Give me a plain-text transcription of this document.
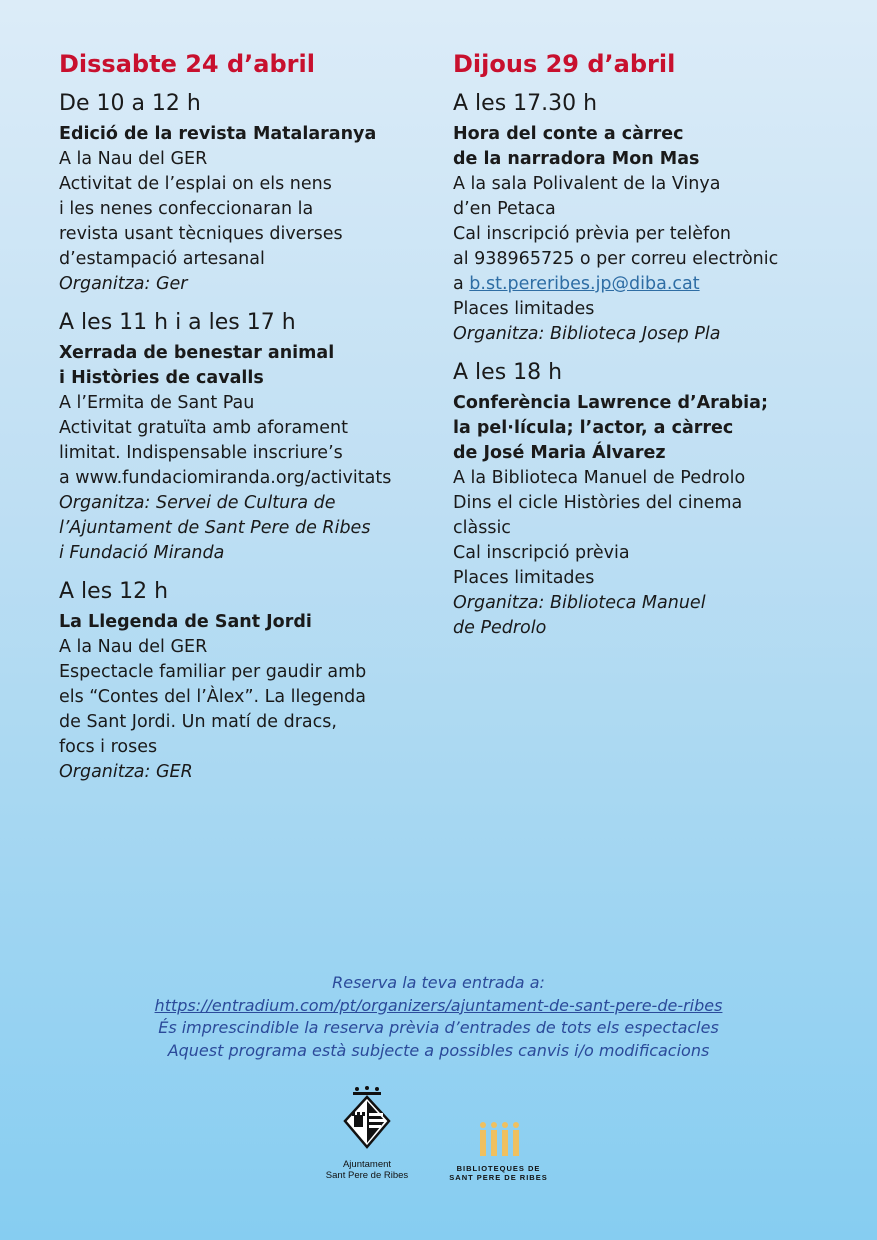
Dissabte 24 d’abril
De 10 a 12 h
Edició de la revista Matalaranya
A la Nau del GER
Activitat de l’esplai on els nens
i les nenes confeccionaran la
revista usant tècniques diverses
d’estampació artesanal
Organitza: Ger
A les 11 h i a les 17 h
Xerrada de benestar animal
i Històries de cavalls
A l’Ermita de Sant Pau
Activitat gratuïta amb aforament
limitat. Indispensable inscriure’s
a www.fundaciomiranda.org/activitats
Organitza: Servei de Cultura de
l’Ajuntament de Sant Pere de Ribes
i Fundació Miranda
A les 12 h
La Llegenda de Sant Jordi
A la Nau del GER
Espectacle familiar per gaudir amb
els “Contes del l’Àlex”. La llegenda
de Sant Jordi. Un matí de dracs,
focs i roses
Organitza: GER
Dijous 29 d’abril
A les 17.30 h
Hora del conte a càrrec
de la narradora Mon Mas
A la sala Polivalent de la Vinya
d’en Petaca
Cal inscripció prèvia per telèfon
al 938965725 o per correu electrònic
a b.st.pereribes.jp@diba.cat
Places limitades
Organitza: Biblioteca Josep Pla
A les 18 h
Conferència Lawrence d’Arabia;
la pel·lícula; l’actor, a càrrec
de José Maria Álvarez
A la Biblioteca Manuel de Pedrolo
Dins el cicle Històries del cinema
clàssic
Cal inscripció prèvia
Places limitades
Organitza: Biblioteca Manuel
de Pedrolo
Reserva la teva entrada a:
https://entradium.com/pt/organizers/ajuntament-de-sant-pere-de-ribes
És imprescindible la reserva prèvia d’entrades de tots els espectacles
Aquest programa està subjecte a possibles canvis i/o modificacions
Ajuntament
Sant Pere de Ribes
BIBLIOTEQUES DE
SANT PERE DE RIBES
